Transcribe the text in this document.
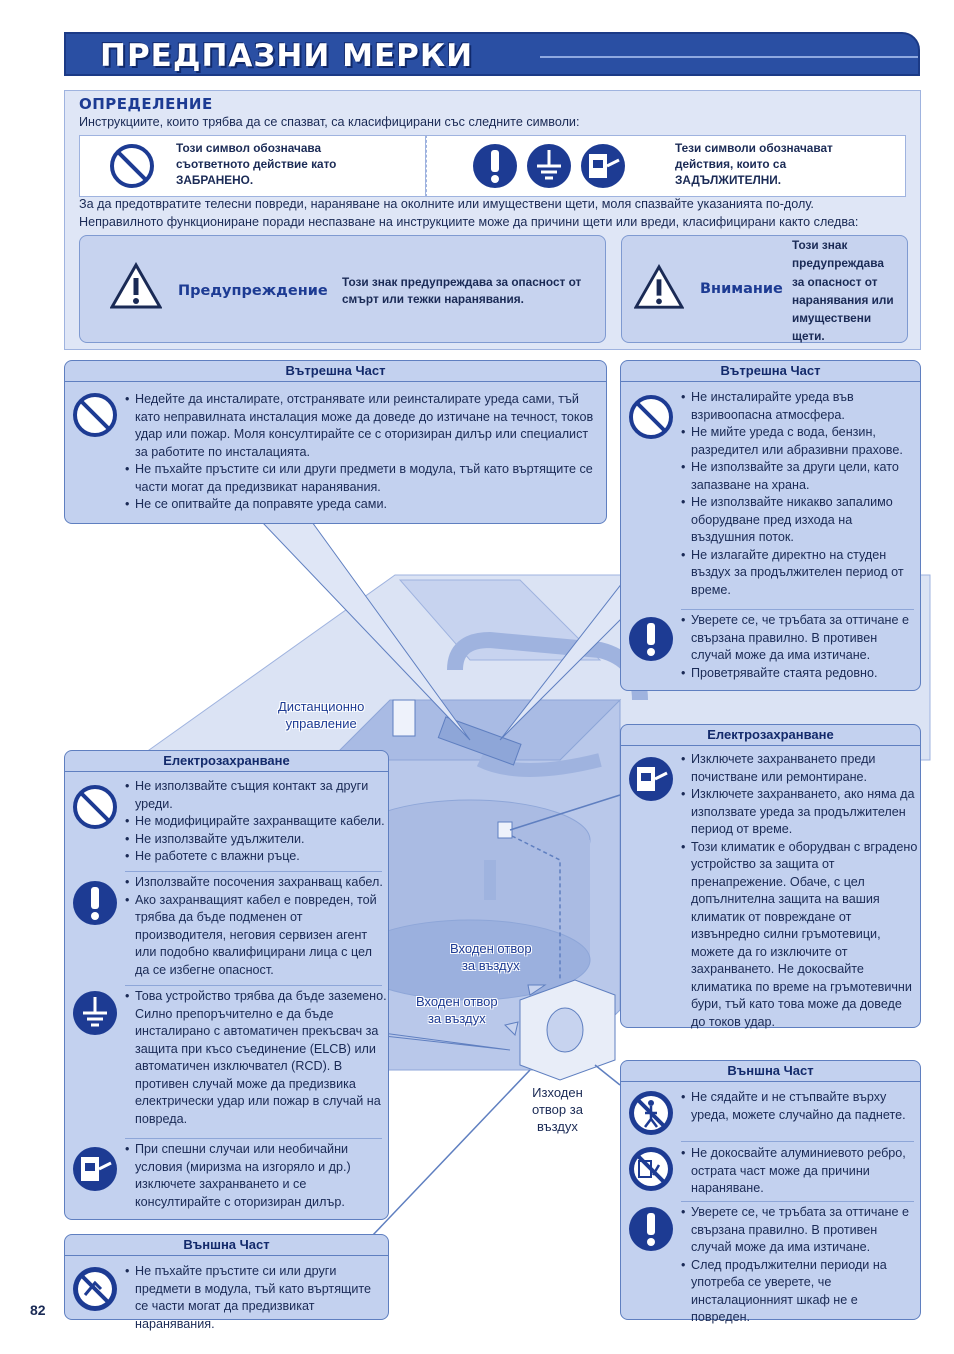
ПРЕДПАЗНИ МЕРКИ
ОПРЕДЕЛЕНИЕ
Инструкциите, които трябва да се спазват, са класифицирани със следните символи:
Този символ обозначава
съответното действие като
ЗАБРАНЕНО.
Тези символи обозначават
действия, които са
ЗАДЪЛЖИТЕЛНИ.
За да предотвратите телесни повреди, нараняване на околните или имуществени щети, моля спазвайте указанията по-долу.
Неправилното функциониране поради неспазване на инструкциите може да причини щети или вреди, класифицирани както следва:
Предупреждение
Този знак предупреждава за опасност от
смърт или тежки наранявания.
Внимание
Този знак
предупреждава
за опасност от
наранявания или
имуществени
щети.
Вътрешна Част
• Недейте да инсталирате, отстранявате или реинсталирате уреда сами, тъй като неправилната инсталация може да доведе до изтичане на течност, токов удар или пожар. Моля консултирайте се с оторизиран дилър или специалист за работите по инсталацията.
• Не пъхайте пръстите си или други предмети в модула, тъй като въртящите се части могат да предизвикат наранявания.
• Не се опитвайте да поправяте уреда сами.
Вътрешна Част
• Не инсталирайте уреда във взривоопасна атмосфера.
• Не мийте уреда с вода, бензин, разредител или абразивни прахове.
• Не използвайте за други цели, като запазване на храна.
• Не използвайте никакво запалимо оборудване пред изхода на въздушния поток.
• Не излагайте директно на студен въздух за продължителен период от време.
• Уверете се, че тръбата за оттичане е свързана правилно. В противен случай може да има изтичане.
• Проветрявайте стаята редовно.
Електрозахранване
• Не използвайте същия контакт за други уреди.
• Не модифицирайте захранващите кабели.
• Не използвайте удължители.
• Не работете с влажни ръце.
• Използвайте посочения захранващ кабел.
• Ако захранващият кабел е повреден, той трябва да бъде подменен от производителя, неговия сервизен агент или подобно квалифицирани лица с цел да се избегне опасност.
• Това устройство трябва да бъде заземено. Силно препоръчително е да бъде инсталирано с автоматичен прекъсвач за защита при късо съединение (ELCB) или автоматичен изключвател (RCD). В противен случай може да предизвика електрически удар или пожар в случай на повреда.
• При спешни случаи или необичайни условия (миризма на изгоряло и др.) изключете захранването и се консултирайте с оторизиран дилър.
Външна Част
• Не пъхайте пръстите си или други предмети в модула, тъй като въртящите се части могат да предизвикат наранявания.
Електрозахранване
• Изключете захранването преди почистване или ремонтиране.
• Изключете захранването, ако няма да използвате уреда за продължителен период от време.
• Този климатик е оборудван с вградено устройство за защита от пренапрежение. Обаче, с цел допълнителна защита на вашия климатик от повреждане от извънредно силни гръмотевици, можете да го изключите от захранването. Не докосвайте климатика по време на гръмотевични бури, тъй като това може да доведе до токов удар.
Външна Част
• Не сядайте и не стъпвайте върху уреда, можете случайно да паднете.
• Не докосвайте алуминиевото ребро, острата част може да причини нараняване.
• Уверете се, че тръбата за оттичане е свързана правилно. В противен случай може да има изтичане.
• След продължителни периоди на употреба се уверете, че инсталационният шкаф не е повреден.
Дистанционно
управление
Входен отвор
за въздух
Входен отвор
за въздух
Изходен
отвор за
въздух
82
